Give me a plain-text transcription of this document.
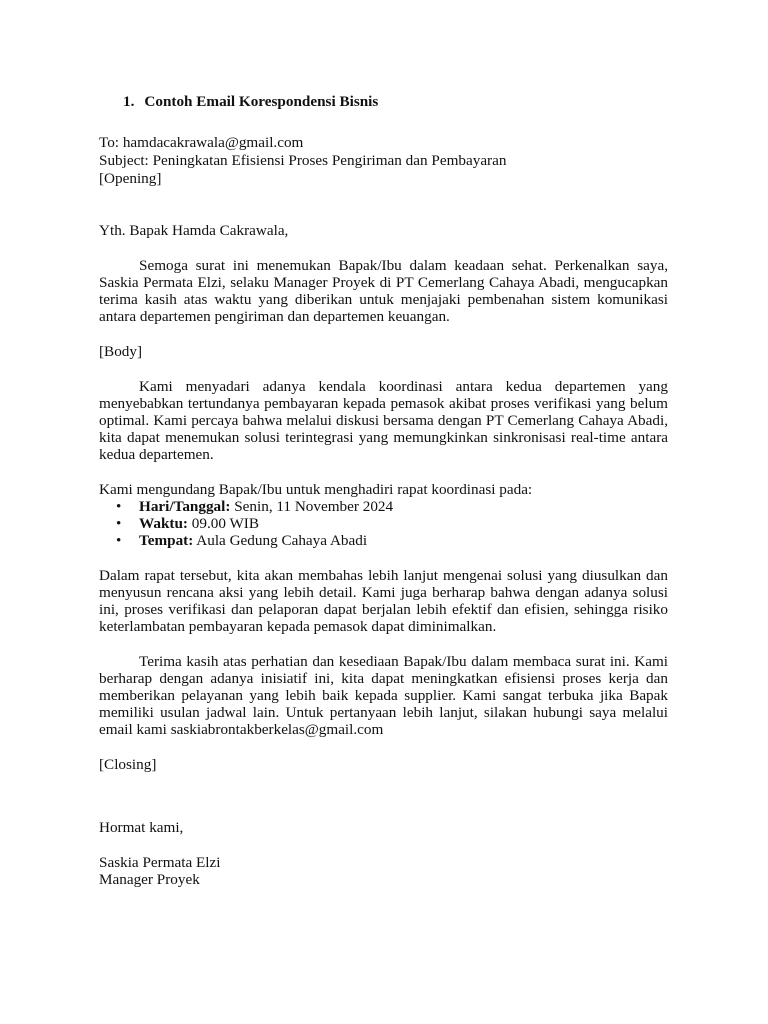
1. Contoh Email Korespondensi Bisnis

To: hamdacakrawala@gmail.com

Subject: Peningkatan Efisiensi Proses Pengiriman dan Pembayaran

[Opening]

Yth. Bapak Hamda Cakrawala,

Semoga surat ini menemukan Bapak/Ibu dalam keadaan sehat. Perkenalkan saya, Saskia Permata Elzi, selaku Manager Proyek di PT Cemerlang Cahaya Abadi, mengucapkan terima kasih atas waktu yang diberikan untuk menjajaki pembenahan sistem komunikasi antara departemen pengiriman dan departemen keuangan.

[Body]

Kami menyadari adanya kendala koordinasi antara kedua departemen yang menyebabkan tertundanya pembayaran kepada pemasok akibat proses verifikasi yang belum optimal. Kami percaya bahwa melalui diskusi bersama dengan PT Cemerlang Cahaya Abadi, kita dapat menemukan solusi terintegrasi yang memungkinkan sinkronisasi real-time antara kedua departemen.

Kami mengundang Bapak/Ibu untuk menghadiri rapat koordinasi pada:

• Hari/Tanggal: Senin, 11 November 2024
• Waktu: 09.00 WIB
• Tempat: Aula Gedung Cahaya Abadi

Dalam rapat tersebut, kita akan membahas lebih lanjut mengenai solusi yang diusulkan dan menyusun rencana aksi yang lebih detail. Kami juga berharap bahwa dengan adanya solusi ini, proses verifikasi dan pelaporan dapat berjalan lebih efektif dan efisien, sehingga risiko keterlambatan pembayaran kepada pemasok dapat diminimalkan.

Terima kasih atas perhatian dan kesediaan Bapak/Ibu dalam membaca surat ini. Kami berharap dengan adanya inisiatif ini, kita dapat meningkatkan efisiensi proses kerja dan memberikan pelayanan yang lebih baik kepada supplier. Kami sangat terbuka jika Bapak memiliki usulan jadwal lain. Untuk pertanyaan lebih lanjut, silakan hubungi saya melalui email kami saskiabrontakberkelas@gmail.com

[Closing]

Hormat kami,

Saskia Permata Elzi

Manager Proyek
